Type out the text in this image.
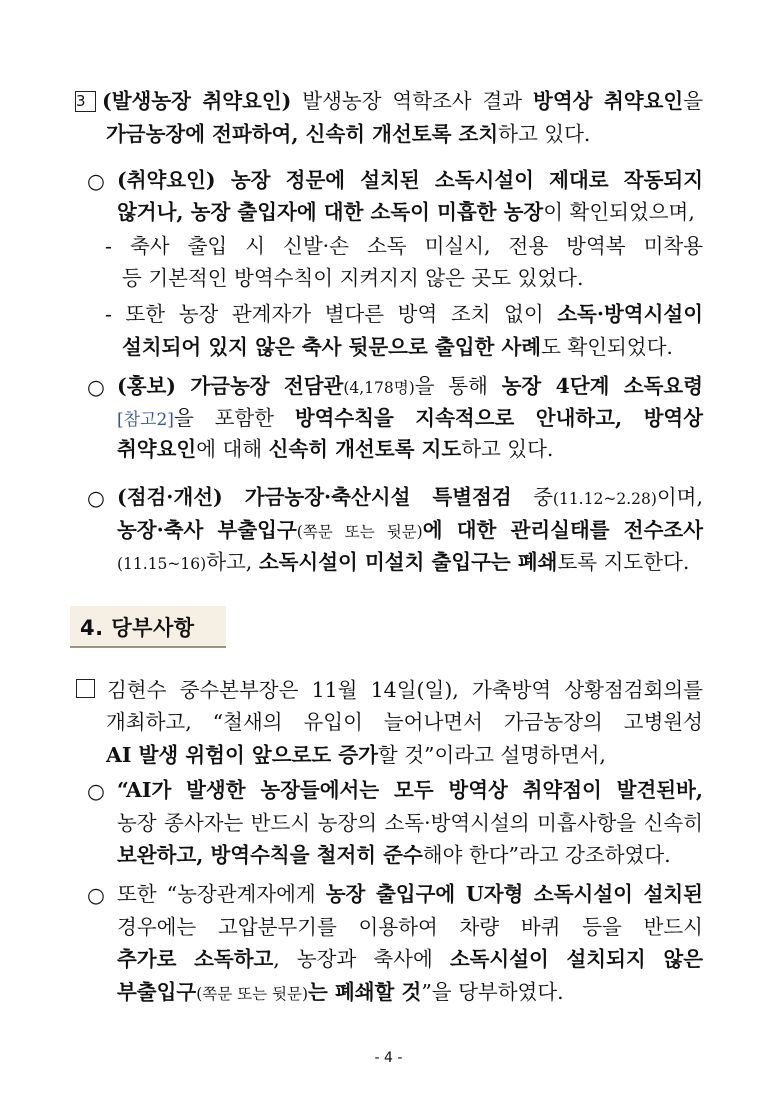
3 (발생농장 취약요인) 발생농장 역학조사 결과 방역상 취약요인을
가금농장에 전파하여, 신속히 개선토록 조치하고 있다.
○ (취약요인) 농장 정문에 설치된 소독시설이 제대로 작동되지
않거나, 농장 출입자에 대한 소독이 미흡한 농장이 확인되었으며,
- 축사 출입 시 신발·손 소독 미실시, 전용 방역복 미착용
등 기본적인 방역수칙이 지켜지지 않은 곳도 있었다.
- 또한 농장 관계자가 별다른 방역 조치 없이 소독·방역시설이
설치되어 있지 않은 축사 뒷문으로 출입한 사례도 확인되었다.
○ (홍보) 가금농장 전담관(4,178명)을 통해 농장 4단계 소독요령
[참고2]을 포함한 방역수칙을 지속적으로 안내하고, 방역상
취약요인에 대해 신속히 개선토록 지도하고 있다.
○ (점검·개선) 가금농장·축산시설 특별점검 중(11.12~2.28)이며,
농장·축사 부출입구(쪽문 또는 뒷문)에 대한 관리실태를 전수조사
(11.15~16)하고, 소독시설이 미설치 출입구는 폐쇄토록 지도한다.
4. 당부사항
김현수 중수본부장은 11월 14일(일), 가축방역 상황점검회의를
개최하고, “철새의 유입이 늘어나면서 가금농장의 고병원성
AI 발생 위험이 앞으로도 증가할 것”이라고 설명하면서,
○ “AI가 발생한 농장들에서는 모두 방역상 취약점이 발견된바,
농장 종사자는 반드시 농장의 소독·방역시설의 미흡사항을 신속히
보완하고, 방역수칙을 철저히 준수해야 한다”라고 강조하였다.
○ 또한 “농장관계자에게 농장 출입구에 U자형 소독시설이 설치된
경우에는 고압분무기를 이용하여 차량 바퀴 등을 반드시
추가로 소독하고, 농장과 축사에 소독시설이 설치되지 않은
부출입구(쪽문 또는 뒷문)는 폐쇄할 것”을 당부하였다.
- 4 -
